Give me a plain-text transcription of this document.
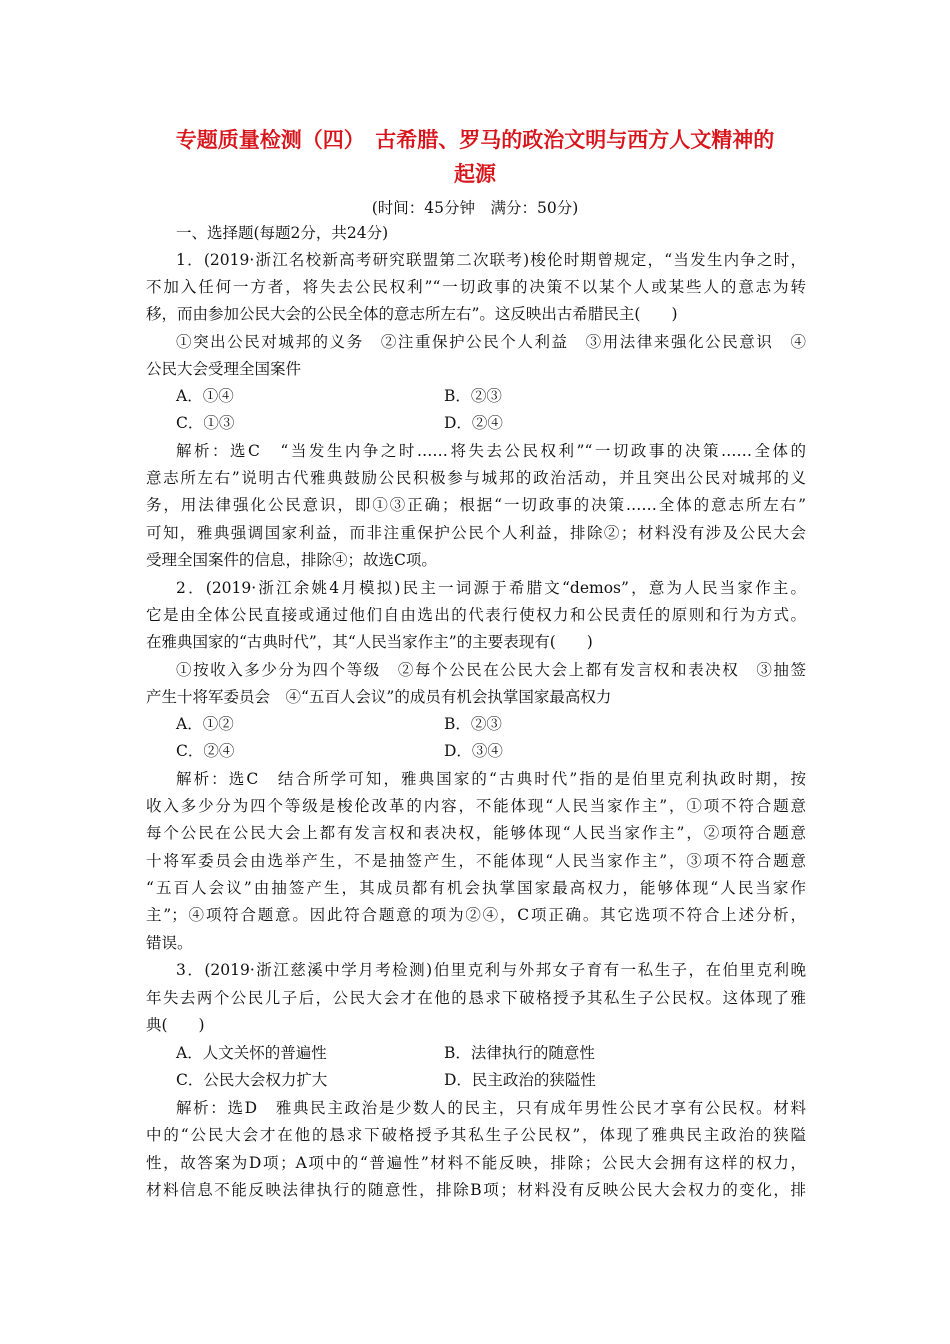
专题质量检测（四）　古希腊、罗马的政治文明与西方人文精神的
起源
(时间：45分钟　满分：50分)
一、选择题(每题2分，共24分)
1．(2019·浙江名校新高考研究联盟第二次联考)梭伦时期曾规定，“当发生内争之时，
不加入任何一方者，将失去公民权利”“一切政事的决策不以某个人或某些人的意志为转
移，而由参加公民大会的公民全体的意志所左右”。这反映出古希腊民主(　　)
①突出公民对城邦的义务　②注重保护公民个人利益　③用法律来强化公民意识　④
公民大会受理全国案件
A．①④	B．②③
C．①③	D．②④
解析：选C　“当发生内争之时……将失去公民权利”“一切政事的决策……全体的
意志所左右”说明古代雅典鼓励公民积极参与城邦的政治活动，并且突出公民对城邦的义
务，用法律强化公民意识，即①③正确；根据“一切政事的决策……全体的意志所左右”
可知，雅典强调国家利益，而非注重保护公民个人利益，排除②；材料没有涉及公民大会
受理全国案件的信息，排除④；故选C项。
2．(2019·浙江余姚4月模拟)民主一词源于希腊文“demos”，意为人民当家作主。
它是由全体公民直接或通过他们自由选出的代表行使权力和公民责任的原则和行为方式。
在雅典国家的“古典时代”，其“人民当家作主”的主要表现有(　　)
①按收入多少分为四个等级　②每个公民在公民大会上都有发言权和表决权　③抽签
产生十将军委员会　④“五百人会议”的成员有机会执掌国家最高权力
A．①②	B．②③
C．②④	D．③④
解析：选C　结合所学可知，雅典国家的“古典时代”指的是伯里克利执政时期，按
收入多少分为四个等级是梭伦改革的内容，不能体现“人民当家作主”，①项不符合题意
每个公民在公民大会上都有发言权和表决权，能够体现“人民当家作主”，②项符合题意
十将军委员会由选举产生，不是抽签产生，不能体现“人民当家作主”，③项不符合题意
“五百人会议”由抽签产生，其成员都有机会执掌国家最高权力，能够体现“人民当家作
主”；④项符合题意。因此符合题意的项为②④，C项正确。其它选项不符合上述分析，
错误。
3．(2019·浙江慈溪中学月考检测)伯里克利与外邦女子育有一私生子，在伯里克利晚
年失去两个公民儿子后，公民大会才在他的恳求下破格授予其私生子公民权。这体现了雅
典(　　)
A．人文关怀的普遍性	B．法律执行的随意性
C．公民大会权力扩大	D．民主政治的狭隘性
解析：选D　雅典民主政治是少数人的民主，只有成年男性公民才享有公民权。材料
中的“公民大会才在他的恳求下破格授予其私生子公民权”，体现了雅典民主政治的狭隘
性，故答案为D项；A项中的“普遍性”材料不能反映，排除；公民大会拥有这样的权力，
材料信息不能反映法律执行的随意性，排除B项；材料没有反映公民大会权力的变化，排
